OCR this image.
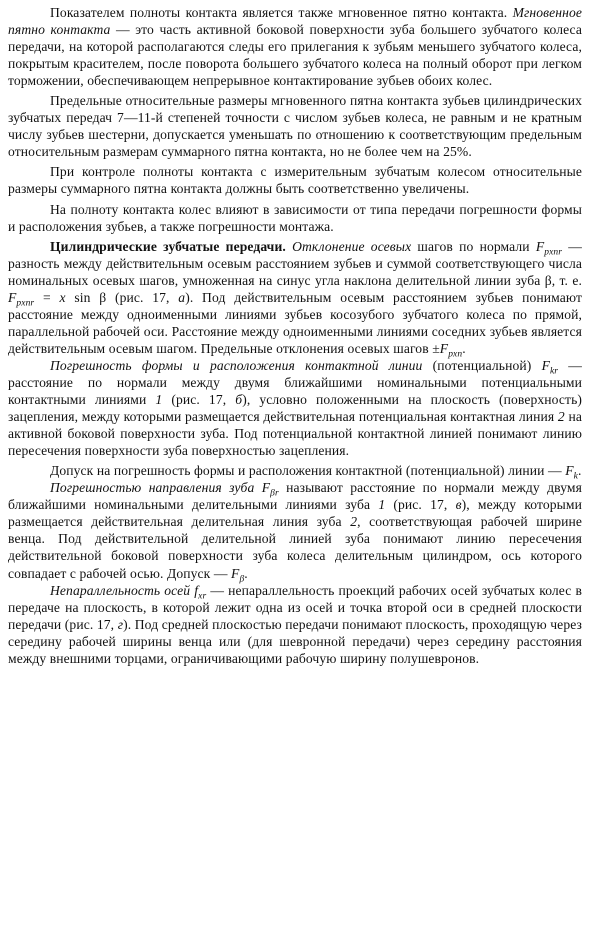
Показателем полноты контакта является также мгновенное пятно контакта. Мгновенное пятно контакта — это часть активной боковой поверхности зуба большего зубчатого колеса передачи, на которой располагаются следы его прилегания к зубьям меньшего зубчатого колеса, покрытым красителем, после поворота большего зубчатого колеса на полный оборот при легком торможении, обеспечивающем непрерывное контактирование зубьев обоих колес.

Предельные относительные размеры мгновенного пятна контакта зубьев цилиндрических зубчатых передач 7—11-й степеней точности с числом зубьев колеса, не равным и не кратным числу зубьев шестерни, допускается уменьшать по отношению к соответствующим предельным относительным размерам суммарного пятна контакта, но не более чем на 25%.

При контроле полноты контакта с измерительным зубчатым колесом относительные размеры суммарного пятна контакта должны быть соответственно увеличены.

На полноту контакта колес влияют в зависимости от типа передачи погрешности формы и расположения зубьев, а также погрешности монтажа.

Цилиндрические зубчатые передачи. Отклонение осевых шагов по нормали $F_{pxnr}$ — разность между действительным осевым расстоянием зубьев и суммой соответствующего числа номинальных осевых шагов, умноженная на синус угла наклона делительной линии зуба β, т. е. $F_{pxnr} = x$ sin β (рис. 17, а). Под действительным осевым расстоянием зубьев понимают расстояние между одноименными линиями зубьев косозубого зубчатого колеса по прямой, параллельной рабочей оси. Расстояние между одноименными линиями соседних зубьев является действительным осевым шагом. Предельные отклонения осевых шагов $\pm F_{pxn}$.

Погрешность формы и расположения контактной линии (потенциальной) $F_{kr}$ — расстояние по нормали между двумя ближайшими номинальными потенциальными контактными линиями 1 (рис. 17, б), условно положенными на плоскость (поверхность) зацепления, между которыми размещается действительная потенциальная контактная линия 2 на активной боковой поверхности зуба. Под потенциальной контактной линией понимают линию пересечения поверхности зуба поверхностью зацепления.

Допуск на погрешность формы и расположения контактной (потенциальной) линии — $F_k$.

Погрешностью направления зуба $F_{\beta r}$ называют расстояние по нормали между двумя ближайшими номинальными делительными линиями зуба 1 (рис. 17, в), между которыми размещается действительная делительная линия зуба 2, соответствующая рабочей ширине венца. Под действительной делительной линией зуба понимают линию пересечения действительной боковой поверхности зуба колеса делительным цилиндром, ось которого совпадает с рабочей осью. Допуск — $F_\beta$.

Непараллельность осей $f_{xr}$ — непараллельность проекций рабочих осей зубчатых колес в передаче на плоскость, в которой лежит одна из осей и точка второй оси в средней плоскости передачи (рис. 17, г). Под средней плоскостью передачи понимают плоскость, проходящую через середину рабочей ширины венца или (для шевронной передачи) через середину расстояния между внешними торцами, ограничивающими рабочую ширину полушевронов.
